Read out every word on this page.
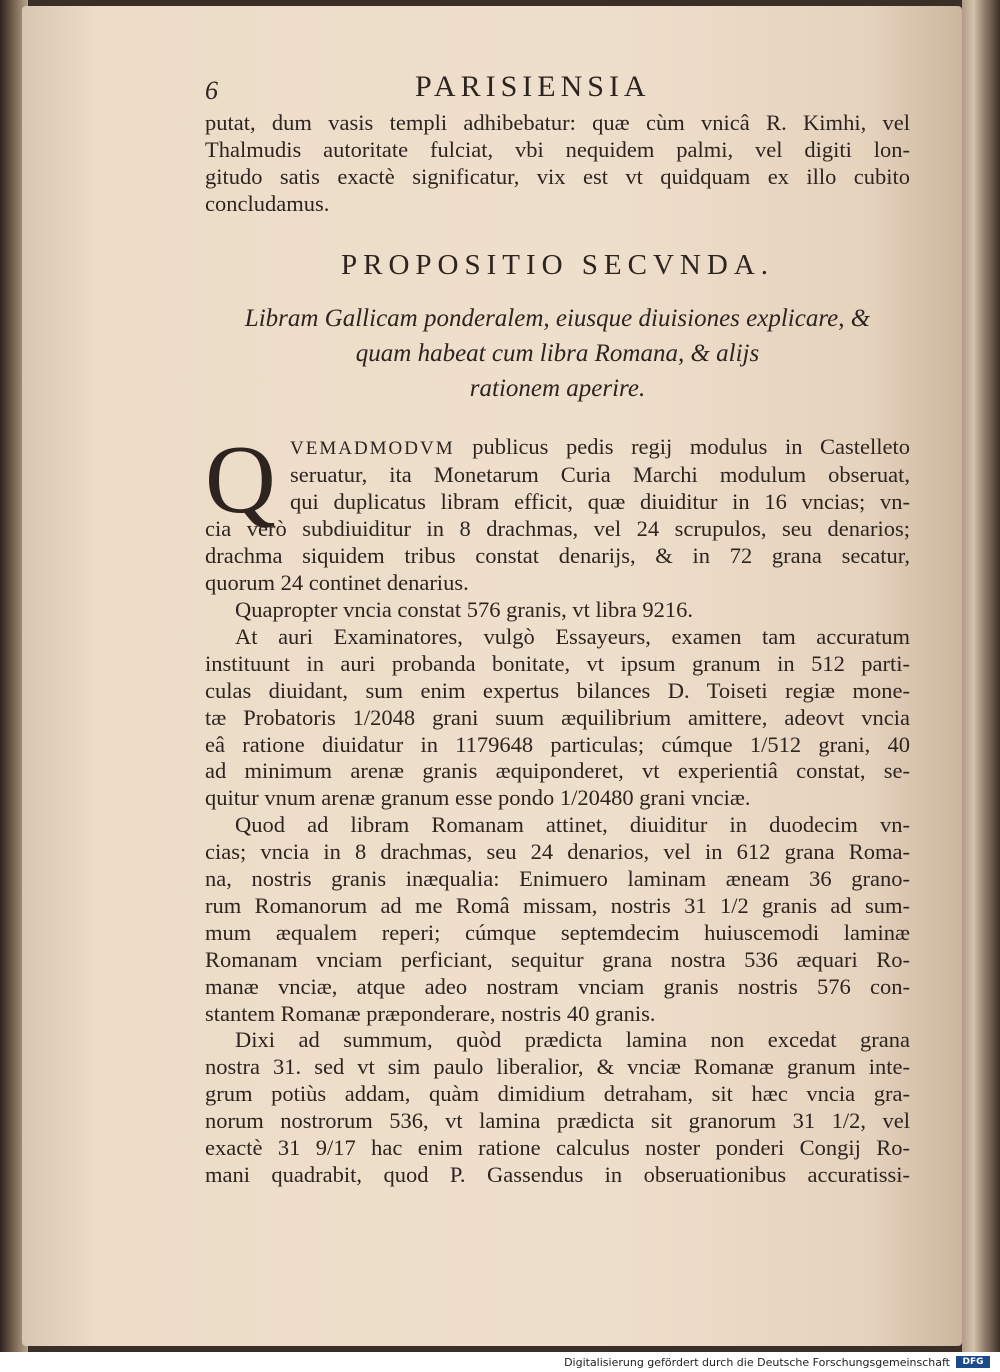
6	PARISIENSIA
putat, dum vasis templi adhibebatur: quæ cùm vnicâ R. Kimhi, vel
Thalmudis autoritate fulciat, vbi nequidem palmi, vel digiti lon-
gitudo satis exactè significatur, vix est vt quidquam ex illo cubito
concludamus.
PROPOSITIO SECVNDA.
Libram Gallicam ponderalem, eiusque diuisiones explicare, &
quam habeat cum libra Romana, & alijs
rationem aperire.
Q VEMADMODVM publicus pedis regij modulus in Castelleto
seruatur, ita Monetarum Curia Marchi modulum obseruat,
qui duplicatus libram efficit, quæ diuiditur in 16 vncias; vn-
cia verò subdiuiditur in 8 drachmas, vel 24 scrupulos, seu denarios;
drachma siquidem tribus constat denarijs, & in 72 grana secatur,
quorum 24 continet denarius.
Quapropter vncia constat 576 granis, vt libra 9216.
At auri Examinatores, vulgò Essayeurs, examen tam accuratum
instituunt in auri probanda bonitate, vt ipsum granum in 512 parti-
culas diuidant, sum enim expertus bilances D. Toiseti regiæ mone-
tæ Probatoris 1/2048 grani suum æquilibrium amittere, adeovt vncia
eâ ratione diuidatur in 1179648 particulas; cúmque 1/512 grani, 40
ad minimum arenæ granis æquiponderet, vt experientiâ constat, se-
quitur vnum arenæ granum esse pondo 1/20480 grani vnciæ.
Quod ad libram Romanam attinet, diuiditur in duodecim vn-
cias; vncia in 8 drachmas, seu 24 denarios, vel in 612 grana Roma-
na, nostris granis inæqualia: Enimuero laminam æneam 36 grano-
rum Romanorum ad me Româ missam, nostris 31 1/2 granis ad sum-
mum æqualem reperi; cúmque septemdecim huiuscemodi laminæ
Romanam vnciam perficiant, sequitur grana nostra 536 æquari Ro-
manæ vnciæ, atque adeo nostram vnciam granis nostris 576 con-
stantem Romanæ præponderare, nostris 40 granis.
Dixi ad summum, quòd prædicta lamina non excedat grana
nostra 31. sed vt sim paulo liberalior, & vnciæ Romanæ granum inte-
grum potiùs addam, quàm dimidium detraham, sit hæc vncia gra-
norum nostrorum 536, vt lamina prædicta sit granorum 31 1/2, vel
exactè 31 9/17 hac enim ratione calculus noster ponderi Congij Ro-
mani quadrabit, quod P. Gassendus in obseruationibus accuratissi-
Digitalisierung gefördert durch die Deutsche Forschungsgemeinschaft	DFG
